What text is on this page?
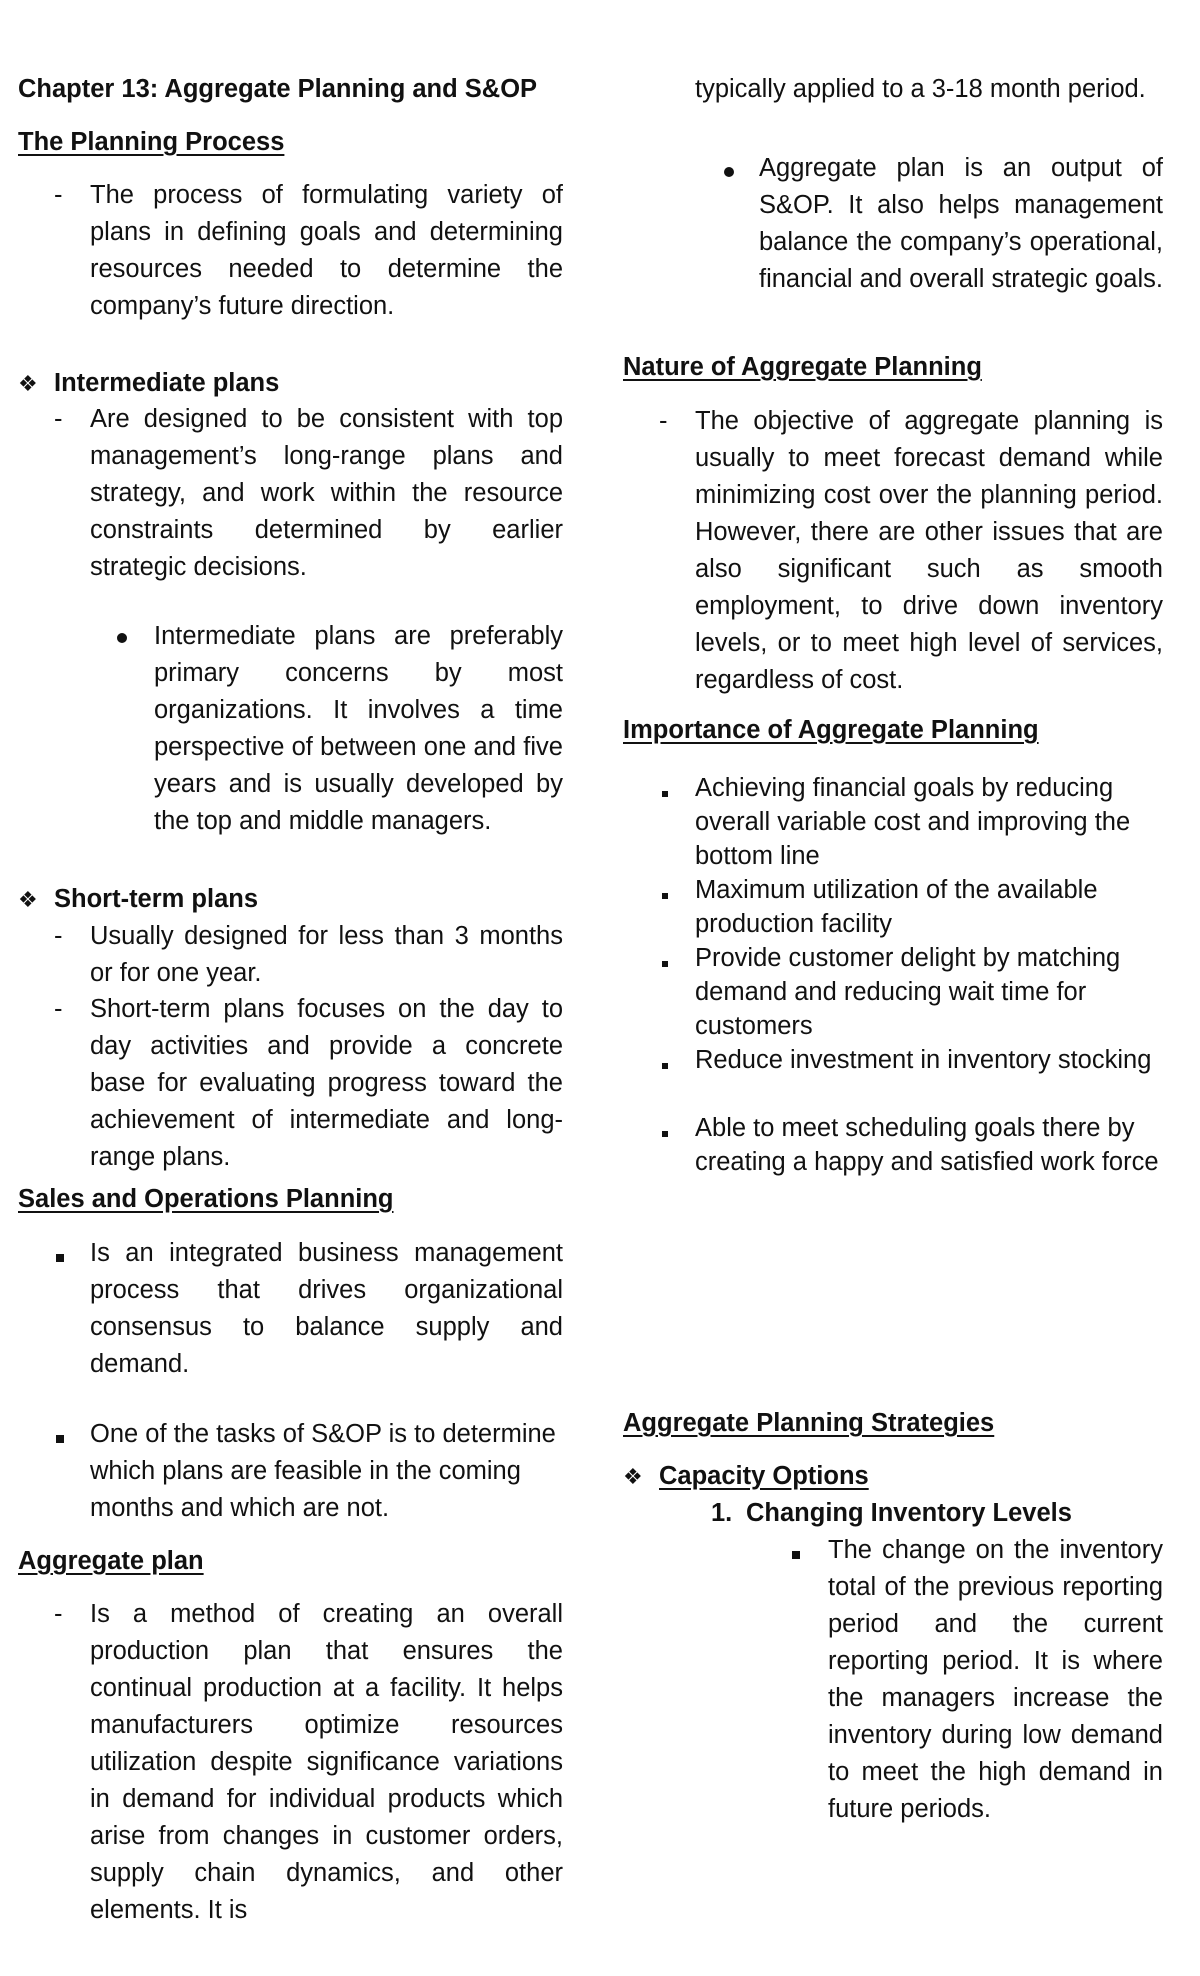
Chapter 13: Aggregate Planning and S&OP
The Planning Process
- The process of formulating variety of plans in defining goals and determining resources needed to determine the company’s future direction.
❖ Intermediate plans
- Are designed to be consistent with top management’s long-range plans and strategy, and work within the resource constraints determined by earlier strategic decisions.
Intermediate plans are preferably primary concerns by most organizations. It involves a time perspective of between one and five years and is usually developed by the top and middle managers.
❖ Short-term plans
- Usually designed for less than 3 months or for one year.
- Short-term plans focuses on the day to day activities and provide a concrete base for evaluating progress toward the achievement of intermediate and long-range plans.
Sales and Operations Planning
Is an integrated business management process that drives organizational consensus to balance supply and demand.
One of the tasks of S&OP is to determine which plans are feasible in the coming months and which are not.
Aggregate plan
- Is a method of creating an overall production plan that ensures the continual production at a facility. It helps manufacturers optimize resources utilization despite significance variations in demand for individual products which arise from changes in customer orders, supply chain dynamics, and other elements. It is
typically applied to a 3-18 month period.
Aggregate plan is an output of S&OP. It also helps management balance the company’s operational, financial and overall strategic goals.
Nature of Aggregate Planning
- The objective of aggregate planning is usually to meet forecast demand while minimizing cost over the planning period. However, there are other issues that are also significant such as smooth employment, to drive down inventory levels, or to meet high level of services, regardless of cost.
Importance of Aggregate Planning
Achieving financial goals by reducing overall variable cost and improving the bottom line
Maximum utilization of the available production facility
Provide customer delight by matching demand and reducing wait time for customers
Reduce investment in inventory stocking
Able to meet scheduling goals there by creating a happy and satisfied work force
Aggregate Planning Strategies
❖ Capacity Options
1. Changing Inventory Levels
The change on the inventory total of the previous reporting period and the current reporting period. It is where the managers increase the inventory during low demand to meet the high demand in future periods.
